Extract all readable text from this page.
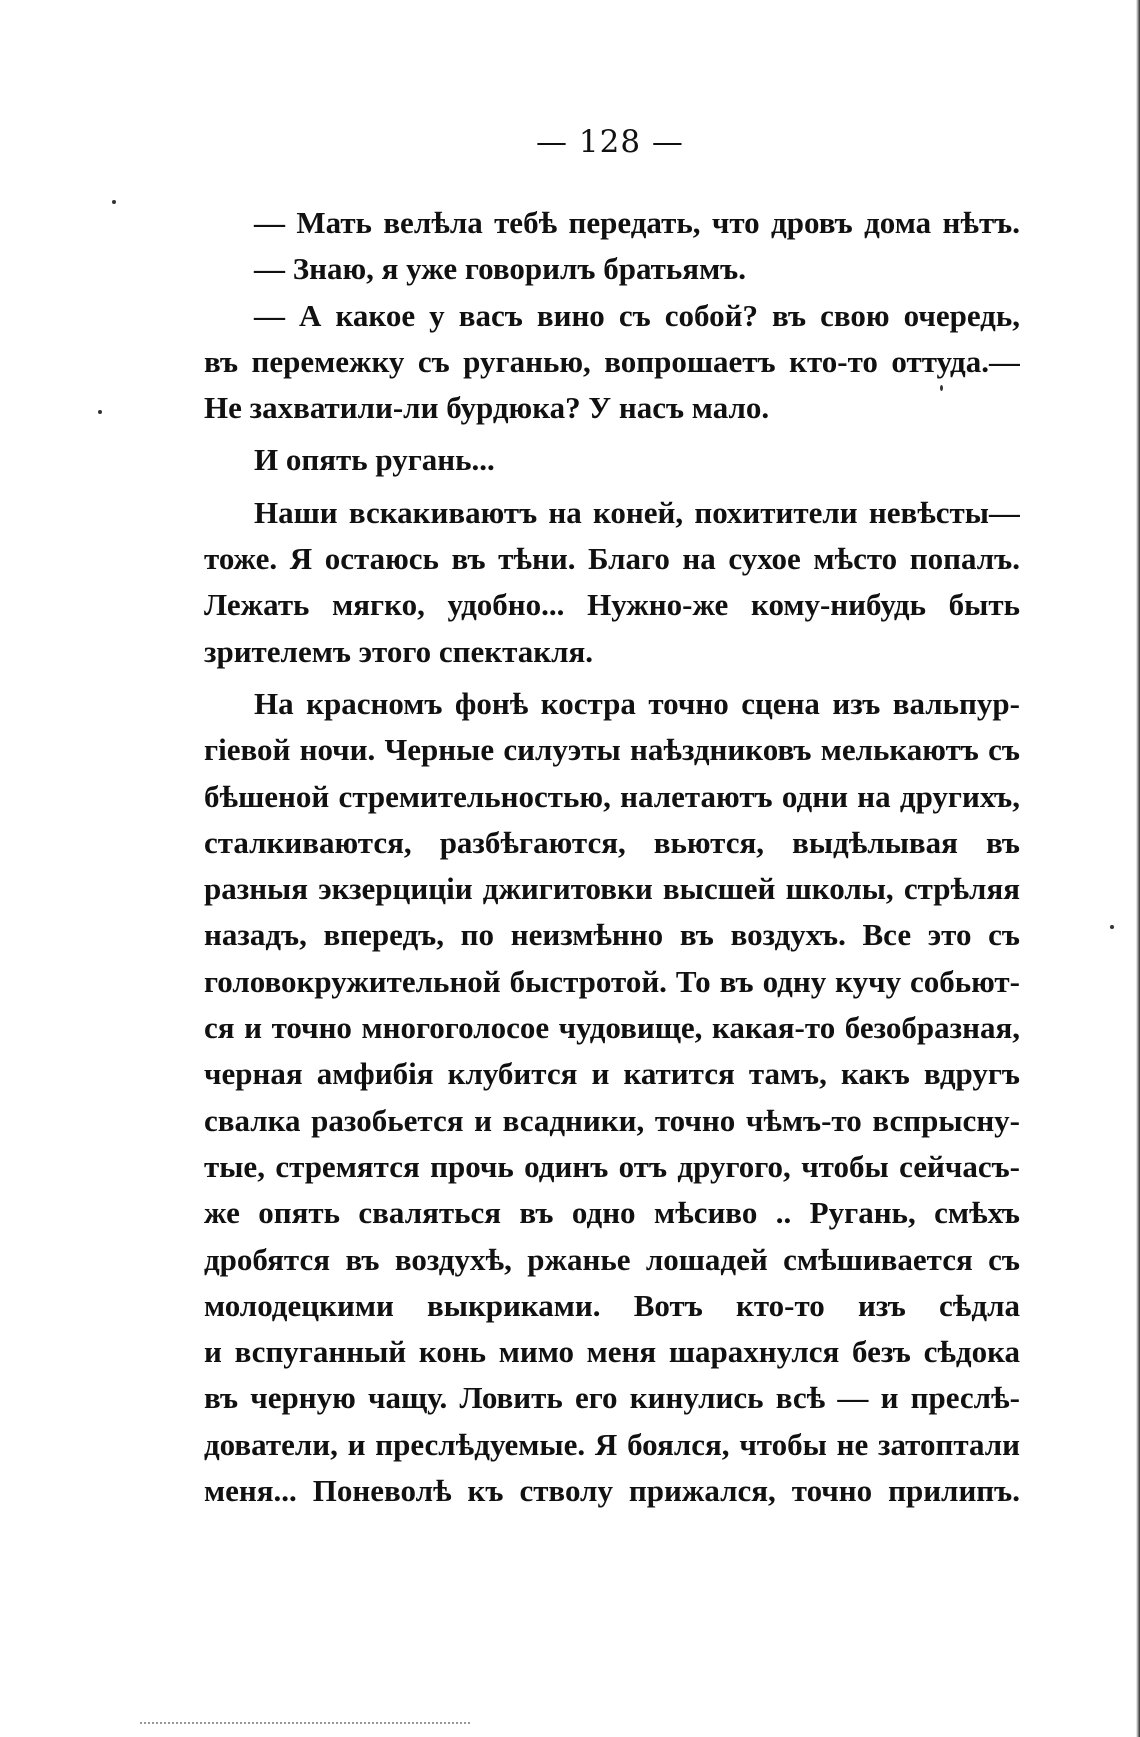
— 128 —
— Мать велѣла тебѣ передать, что дровъ дома нѣтъ.
— Знаю, я уже говорилъ братьямъ.
— А какое у васъ вино съ собой? въ свою очередь,
въ перемежку съ руганью, вопрошаетъ кто-то оттуда.—
Не захватили-ли бурдюка? У насъ мало.
И опять ругань...
Наши вскакиваютъ на коней, похитители невѣсты—
тоже. Я остаюсь въ тѣни. Благо на сухое мѣсто попалъ.
Лежать мягко, удобно... Нужно-же кому-нибудь быть
зрителемъ этого спектакля.
На красномъ фонѣ костра точно сцена изъ вальпур-
гіевой ночи. Черные силуэты наѣздниковъ мелькаютъ съ
бѣшеной стремительностью, налетаютъ одни на другихъ,
сталкиваются, разбѣгаются, вьются, выдѣлывая въ
разныя экзерциціи джигитовки высшей школы, стрѣляя
назадъ, впередъ, по неизмѣнно въ воздухъ. Все это съ
головокружительной быстротой. То въ одну кучу собьют-
ся и точно многоголосое чудовище, какая-то безобразная,
черная амфибія клубится и катится тамъ, какъ вдругъ
свалка разобьется и всадники, точно чѣмъ-то вспрысну-
тые, стремятся прочь одинъ отъ другого, чтобы сейчасъ-
же опять сваляться въ одно мѣсиво .. Ругань, смѣхъ
дробятся въ воздухѣ, ржанье лошадей смѣшивается съ
молодецкими выкриками. Вотъ кто-то изъ сѣдла
и вспуганный конь мимо меня шарахнулся безъ сѣдока
въ черную чащу. Ловить его кинулись всѣ — и преслѣ-
дователи, и преслѣдуемые. Я боялся, чтобы не затоптали
меня... Поневолѣ къ стволу прижался, точно прилипъ.
